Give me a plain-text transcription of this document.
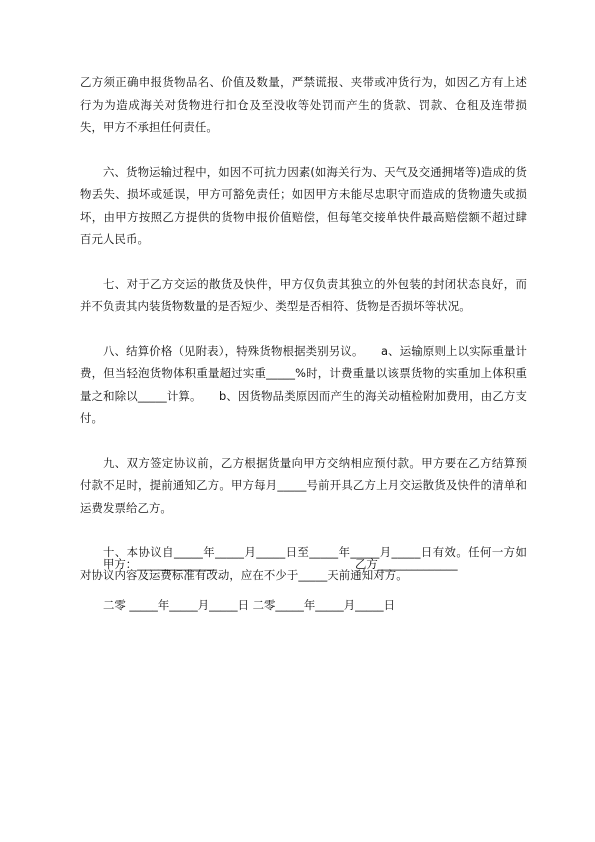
乙方须正确申报货物品名、价值及数量，严禁谎报、夹带或冲货行为，如因乙方有上述行为为造成海关对货物进行扣仓及至没收等处罚而产生的货款、罚款、仓租及连带损失，甲方不承担任何责任。

六、货物运输过程中，如因不可抗力因素(如海关行为、天气及交通拥堵等)造成的货物丢失、损坏或延误，甲方可豁免责任；如因甲方未能尽忠职守而造成的货物遗失或损坏，由甲方按照乙方提供的货物申报价值赔偿，但每笔交接单快件最高赔偿额不超过肆百元人民币。

七、对于乙方交运的散货及快件，甲方仅负责其独立的外包装的封闭状态良好，而并不负责其内装货物数量的是否短少、类型是否相符、货物是否损坏等状况。

八、结算价格（见附表），特殊货物根据类别另议。　　a、运输原则上以实际重量计费，但当轻泡货物体积重量超过实重_____%时，计费重量以该票货物的实重加上体积重量之和除以_____计算。　　b、因货物品类原因而产生的海关动植检附加费用，由乙方支付。

九、双方签定协议前，乙方根据货量向甲方交纳相应预付款。甲方要在乙方结算预付款不足时，提前通知乙方。甲方每月_____号前开具乙方上月交运散货及快件的清单和运费发票给乙方。

十、本协议自_____年_____月_____日至_____年_____月_____日有效。任何一方如对协议内容及运费标准有改动，应在不少于_____天前通知对方。

甲方：______________	乙方______________
二零 _____年_____月_____日 二零_____年_____月_____日
